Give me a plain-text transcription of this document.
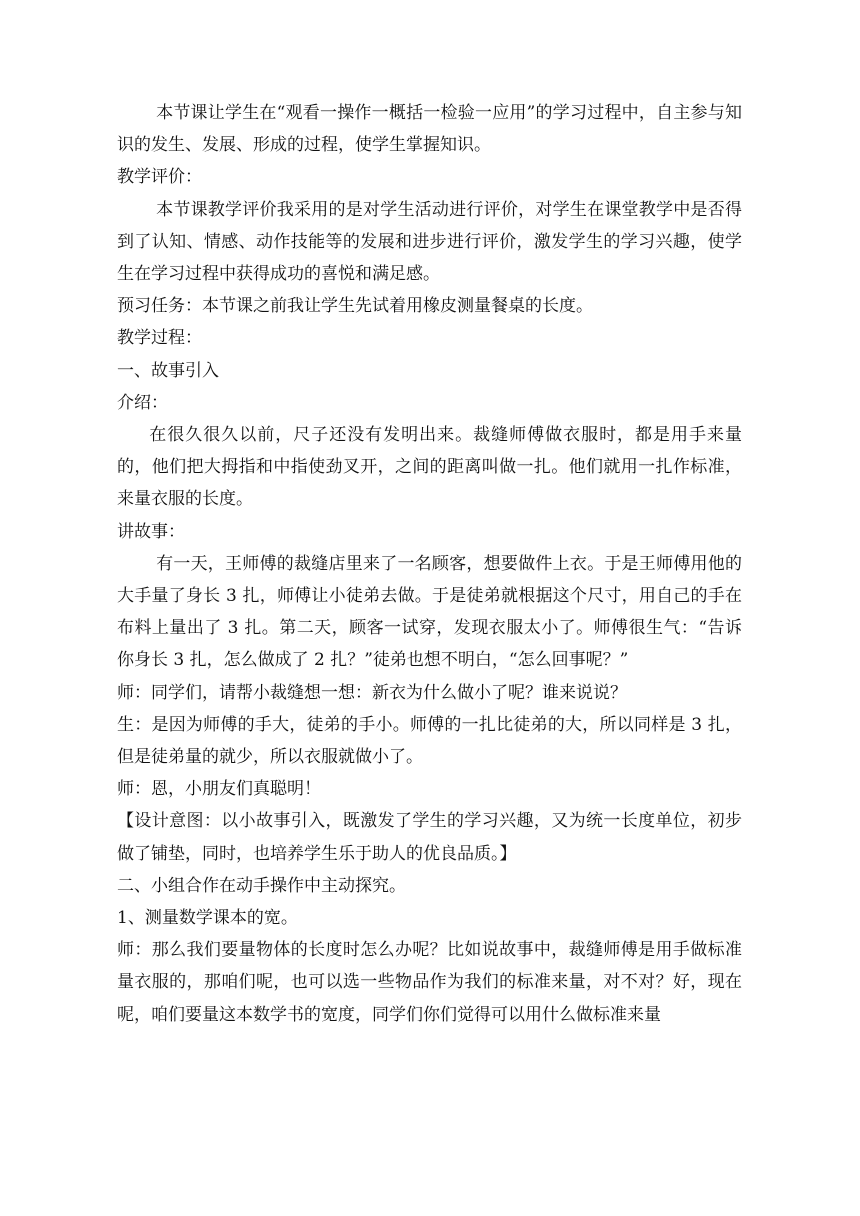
本节课让学生在“观看一操作一概括一检验一应用”的学习过程中，自主参与知识的发生、发展、形成的过程，使学生掌握知识。

教学评价：

本节课教学评价我采用的是对学生活动进行评价，对学生在课堂教学中是否得到了认知、情感、动作技能等的发展和进步进行评价，激发学生的学习兴趣，使学生在学习过程中获得成功的喜悦和满足感。

预习任务：本节课之前我让学生先试着用橡皮测量餐桌的长度。

教学过程：

一、故事引入

介绍：

在很久很久以前，尺子还没有发明出来。裁缝师傅做衣服时，都是用手来量的，他们把大拇指和中指使劲叉开，之间的距离叫做一扎。他们就用一扎作标准，来量衣服的长度。

讲故事：

有一天，王师傅的裁缝店里来了一名顾客，想要做件上衣。于是王师傅用他的大手量了身长 3 扎，师傅让小徒弟去做。于是徒弟就根据这个尺寸，用自己的手在布料上量出了 3 扎。第二天，顾客一试穿，发现衣服太小了。师傅很生气：“告诉你身长 3 扎，怎么做成了 2 扎？”徒弟也想不明白，“怎么回事呢？”

师：同学们，请帮小裁缝想一想：新衣为什么做小了呢？谁来说说？

生：是因为师傅的手大，徒弟的手小。师傅的一扎比徒弟的大，所以同样是 3 扎，但是徒弟量的就少，所以衣服就做小了。

师：恩，小朋友们真聪明！

【设计意图：以小故事引入，既激发了学生的学习兴趣，又为统一长度单位，初步做了铺垫，同时，也培养学生乐于助人的优良品质。】

二、小组合作在动手操作中主动探究。

1、测量数学课本的宽。

师：那么我们要量物体的长度时怎么办呢？比如说故事中，裁缝师傅是用手做标准量衣服的，那咱们呢，也可以选一些物品作为我们的标准来量，对不对？好，现在呢，咱们要量这本数学书的宽度，同学们你们觉得可以用什么做标准来量
